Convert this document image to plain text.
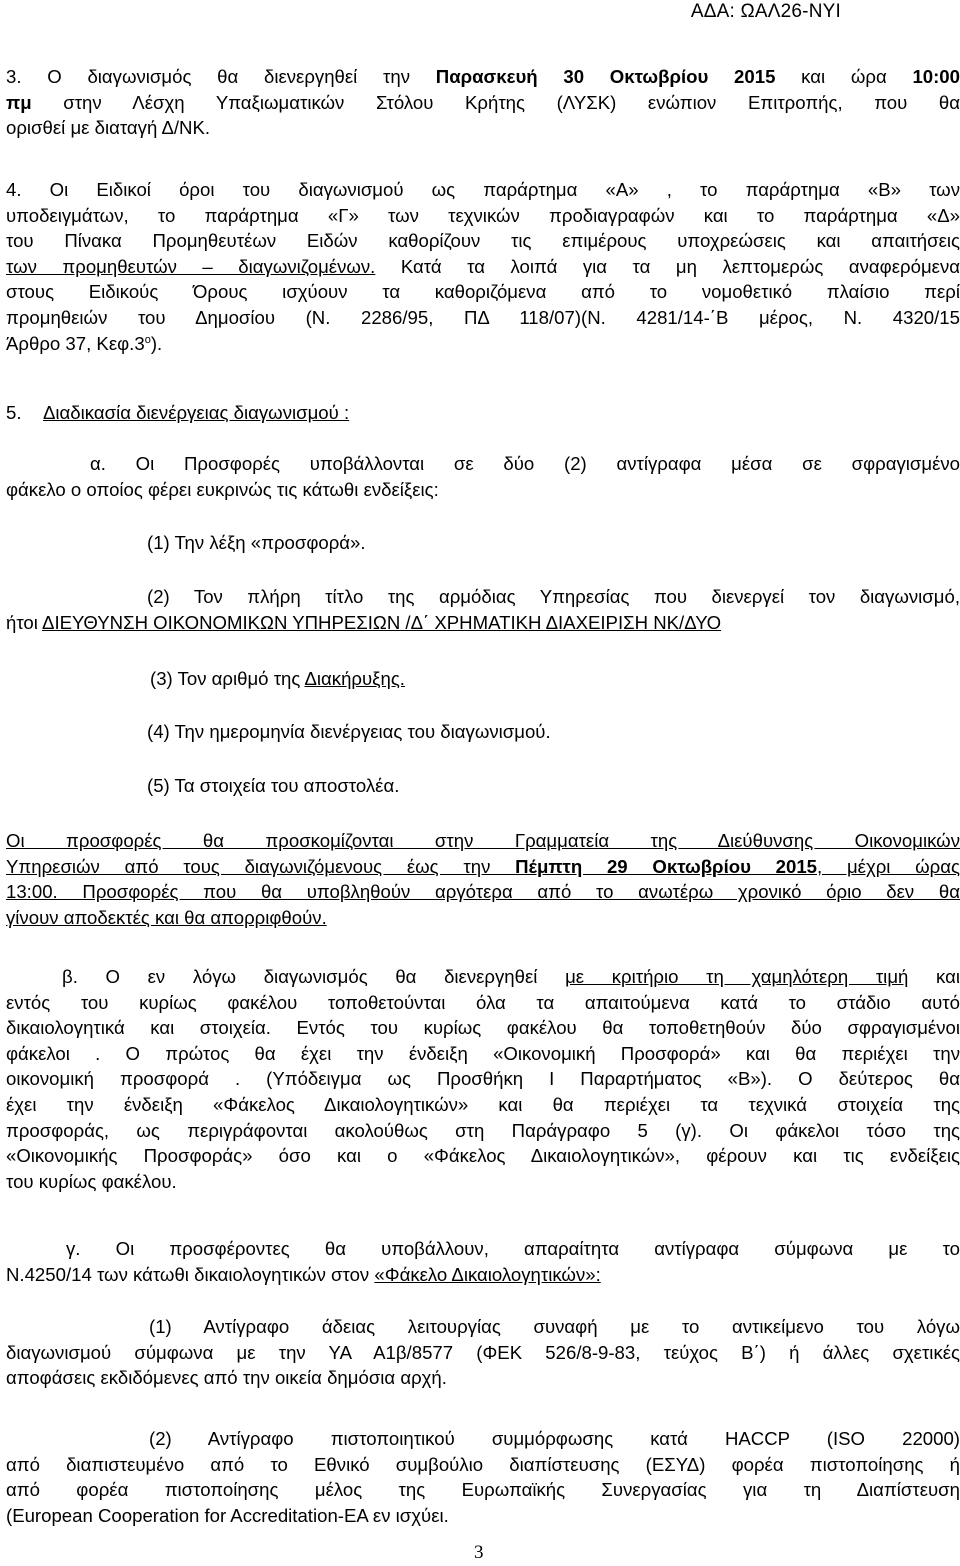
ΑΔΑ: ΩΑΛ26-ΝΥΙ
3. Ο διαγωνισμός θα διενεργηθεί την Παρασκευή 30 Οκτωβρίου 2015 και ώρα 10:00
πμ στην Λέσχη Υπαξιωματικών Στόλου Κρήτης (ΛΥΣΚ) ενώπιον Επιτροπής, που θα
ορισθεί με διαταγή Δ/ΝΚ.
4. Οι Ειδικοί όροι του διαγωνισμού ως παράρτημα «Α» , το παράρτημα «Β» των
υποδειγμάτων, το παράρτημα «Γ» των τεχνικών προδιαγραφών και το παράρτημα «Δ»
του Πίνακα Προμηθευτέων Ειδών καθορίζουν τις επιμέρους υποχρεώσεις και απαιτήσεις
των προμηθευτών – διαγωνιζομένων. Κατά τα λοιπά για τα μη λεπτομερώς αναφερόμενα
στους Ειδικούς Όρους ισχύουν τα καθοριζόμενα από το νομοθετικό πλαίσιο περί
προμηθειών του Δημοσίου (Ν. 2286/95, ΠΔ 118/07)(Ν. 4281/14-΄Β μέρος, Ν. 4320/15
Άρθρο 37, $K\varepsilon\varphi.3^o$).
5. Διαδικασία διενέργειας διαγωνισμού :
α. Οι Προσφορές υποβάλλονται σε δύο (2) αντίγραφα μέσα σε σφραγισμένο
φάκελο ο οποίος φέρει ευκρινώς τις κάτωθι ενδείξεις:
(1) Την λέξη «προσφορά».
(2) Τον πλήρη τίτλο της αρμόδιας Υπηρεσίας που διενεργεί τον διαγωνισμό,
ήτοι ΔΙΕΥΘΥΝΣΗ ΟΙΚΟΝΟΜΙΚΩΝ ΥΠΗΡΕΣΙΩΝ /Δ΄ ΧΡΗΜΑΤΙΚΗ ΔΙΑΧΕΙΡΙΣΗ ΝΚ/ΔΥΟ
(3) Τον αριθμό της Διακήρυξης.
(4) Την ημερομηνία διενέργειας του διαγωνισμού.
(5) Τα στοιχεία του αποστολέα.
Οι προσφορές θα προσκομίζονται στην Γραμματεία της Διεύθυνσης Οικονομικών
Υπηρεσιών από τους διαγωνιζόμενους έως την Πέμπτη 29 Οκτωβρίου 2015, μέχρι ώρας
13:00. Προσφορές που θα υποβληθούν αργότερα από το ανωτέρω χρονικό όριο δεν θα
γίνουν αποδεκτές και θα απορριφθούν.
β. Ο εν λόγω διαγωνισμός θα διενεργηθεί με κριτήριο τη χαμηλότερη τιμή και
εντός του κυρίως φακέλου τοποθετούνται όλα τα απαιτούμενα κατά το στάδιο αυτό
δικαιολογητικά και στοιχεία. Εντός του κυρίως φακέλου θα τοποθετηθούν δύο σφραγισμένοι
φάκελοι . Ο πρώτος θα έχει την ένδειξη «Οικονομική Προσφορά» και θα περιέχει την
οικονομική προσφορά . (Υπόδειγμα ως Προσθήκη Ι Παραρτήματος «Β»). Ο δεύτερος θα
έχει την ένδειξη «Φάκελος Δικαιολογητικών» και θα περιέχει τα τεχνικά στοιχεία της
προσφοράς, ως περιγράφονται ακολούθως στη Παράγραφο 5 (γ). Οι φάκελοι τόσο της
«Οικονομικής Προσφοράς» όσο και ο «Φάκελος Δικαιολογητικών», φέρουν και τις ενδείξεις
του κυρίως φακέλου.
γ. Οι προσφέροντες θα υποβάλλουν, απαραίτητα αντίγραφα σύμφωνα με το
Ν.4250/14 των κάτωθι δικαιολογητικών στον «Φάκελο Δικαιολογητικών»:
(1) Αντίγραφο άδειας λειτουργίας συναφή με το αντικείμενο του λόγω
διαγωνισμού σύμφωνα με την ΥΑ Α1β/8577 (ΦΕΚ 526/8-9-83, τεύχος Β΄) ή άλλες σχετικές
αποφάσεις εκδιδόμενες από την οικεία δημόσια αρχή.
(2) Αντίγραφο πιστοποιητικού συμμόρφωσης κατά HACCP (ISO 22000)
από διαπιστευμένο από το Εθνικό συμβούλιο διαπίστευσης (ΕΣΥΔ) φορέα πιστοποίησης ή
από φορέα πιστοποίησης μέλος της Ευρωπαϊκής Συνεργασίας για τη Διαπίστευση
(European Cooperation for Accreditation-EA εν ισχύει.
3
